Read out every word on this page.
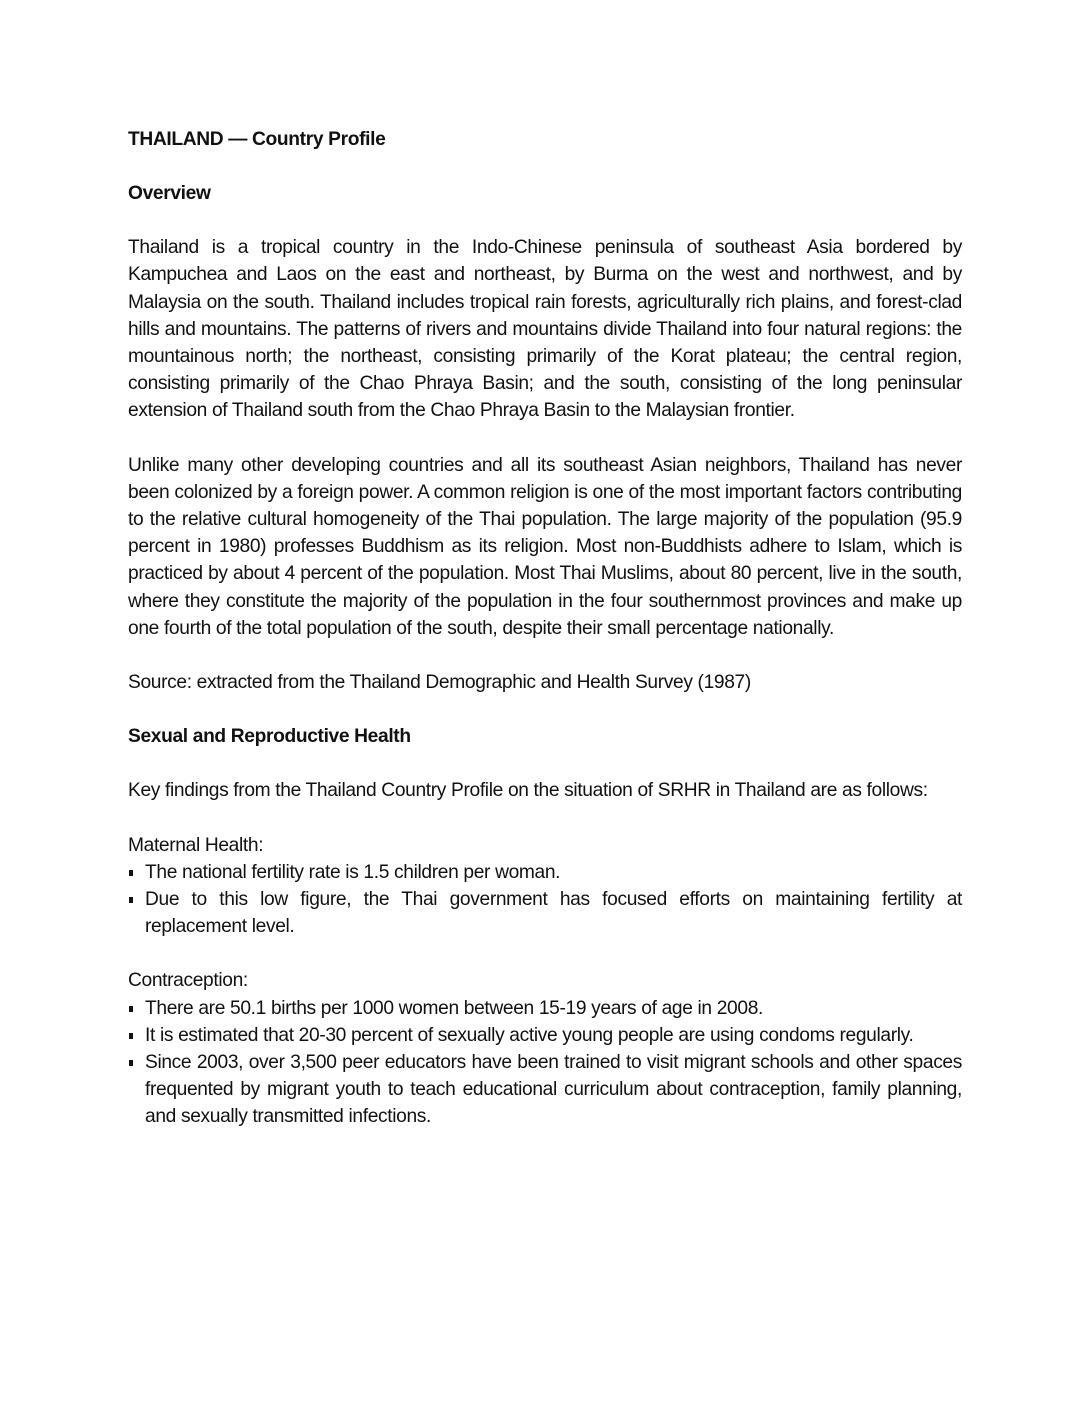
THAILAND — Country Profile
Overview

Thailand is a tropical country in the Indo-Chinese peninsula of southeast Asia bordered by Kampuchea and Laos on the east and northeast, by Burma on the west and northwest, and by Malaysia on the south. Thailand includes tropical rain forests, agriculturally rich plains, and forest-clad hills and mountains. The patterns of rivers and mountains divide Thailand into four natural regions: the mountainous north; the northeast, consisting primarily of the Korat plateau; the central region, consisting primarily of the Chao Phraya Basin; and the south, consisting of the long peninsular extension of Thailand south from the Chao Phraya Basin to the Malaysian frontier.

Unlike many other developing countries and all its southeast Asian neighbors, Thailand has never been colonized by a foreign power. A common religion is one of the most important factors contributing to the relative cultural homogeneity of the Thai population. The large majority of the population (95.9 percent in 1980) professes Buddhism as its religion. Most non-Buddhists adhere to Islam, which is practiced by about 4 percent of the population. Most Thai Muslims, about 80 percent, live in the south, where they constitute the majority of the population in the four southernmost provinces and make up one fourth of the total population of the south, despite their small percentage nationally.

Source: extracted from the Thailand Demographic and Health Survey (1987)
Sexual and Reproductive Health
Key findings from the Thailand Country Profile on the situation of SRHR in Thailand are as follows:
Maternal Health:
The national fertility rate is 1.5 children per woman.
Due to this low figure, the Thai government has focused efforts on maintaining fertility at replacement level.
Contraception:
There are 50.1 births per 1000 women between 15-19 years of age in 2008.
It is estimated that 20-30 percent of sexually active young people are using condoms regularly.
Since 2003, over 3,500 peer educators have been trained to visit migrant schools and other spaces frequented by migrant youth to teach educational curriculum about contraception, family planning, and sexually transmitted infections.
